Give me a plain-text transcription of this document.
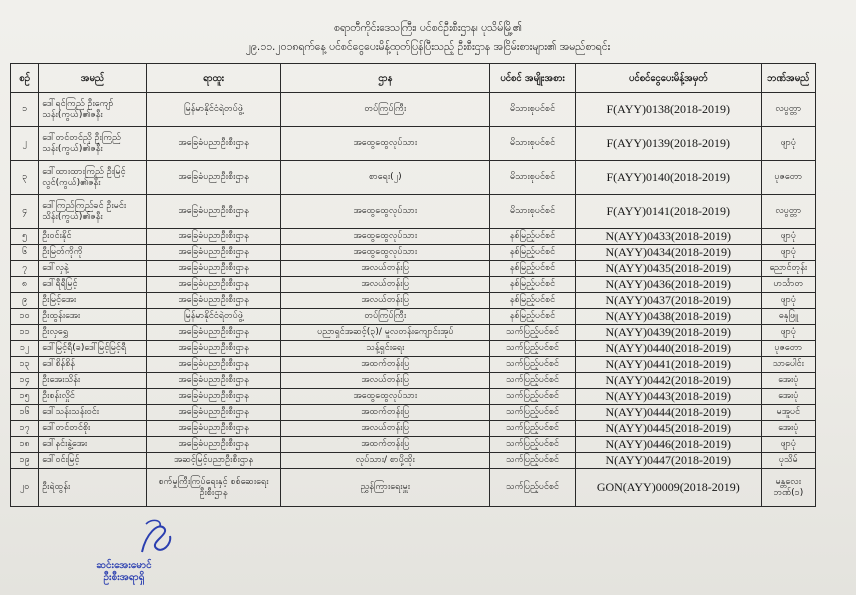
စရာတီကိုင်းဒေသကြီး၊ ပင်စင်ဦးစီးဌာန၊ ပုသိမ်မြို့၏
၂၉.၁၁.၂၀၁၈ရက်နေ့ ပင်စင်ငွေပေးမိန့်ထုတ်ပြန်ပြီးသည့် ဦးစီးဌာန အငြိမ်းစားများ၏ အမည်စာရင်း
စဉ်	အမည်	ရာထူး	ဌာန	ပင်စင် အမျိုးအစား	ပင်စင်ငွေပေးမိန့်အမှတ်	ဘဏ်အမည်
၁	ဒေါ်ရင်ကြည် ဦးကျော်သန်း(ကွယ်)၏ဇနီး	မြန်မာနိုင်ငံရဲတပ်ဖွဲ့	တပ်ကြပ်ကြီး	မိသားစုပင်စင်	F(AYY)0138(2018-2019)	လပွတ္တာ
၂	ဒေါ်တင်တင်ညို ဦးကြည်သန်း(ကွယ်)၏ဇနီး	အခြေခံပညာဦးစီးဌာန	အထွေထွေလုပ်သား	မိသားစုပင်စင်	F(AYY)0139(2018-2019)	ဖျာပုံ
၃	ဒေါ်ထားထားကြည် ဦးမြင့်လွင်(ကွယ်)၏ဇနီး	အခြေခံပညာဦးစီးဌာန	စာရေး(၂)	မိသားစုပင်စင်	F(AYY)0140(2018-2019)	ပုဇတော
၄	ဒေါ်ကြည်ကြည်ခင် ဦးမင်းသိန်း(ကွယ်)၏ဇနီး	အခြေခံပညာဦးစီးဌာန	အထွေထွေလုပ်သား	မိသားစုပင်စင်	F(AYY)0141(2018-2019)	လပွတ္တာ
၅	ဦးဝင်းနိုင်	အခြေခံပညာဦးစီးဌာန	အထွေထွေလုပ်သား	နစ်မြည့်ပင်စင်	N(AYY)0433(2018-2019)	ဖျာပုံ
၆	ဦးမြတ်ကိုကို	အခြေခံပညာဦးစီးဌာန	အထွေထွေလုပ်သား	နစ်မြည့်ပင်စင်	N(AYY)0434(2018-2019)	ဖျာပုံ
၇	ဒေါ်လှနဲ့	အခြေခံပညာဦးစီးဌာန	အလယ်တန်းပြ	နစ်မြည့်ပင်စင်	N(AYY)0435(2018-2019)	ညောင်တုန်း
၈	ဒေါ်ရီရီမြင့်	အခြေခံပညာဦးစီးဌာန	အလယ်တန်းပြ	နစ်မြည့်ပင်စင်	N(AYY)0436(2018-2019)	ဟင်္သာတ
၉	ဦးမြင့်အေး	အခြေခံပညာဦးစီးဌာန	အလယ်တန်းပြ	နစ်မြည့်ပင်စင်	N(AYY)0437(2018-2019)	ဖျာပုံ
၁၀	ဦးထွန်းအေး	မြန်မာနိုင်ငံရဲတပ်ဖွဲ့	တပ်ကြပ်ကြီး	နစ်မြည့်ပင်စင်	N(AYY)0438(2018-2019)	ဓနုဖြူ
၁၁	ဦးလှရွှေ	အခြေခံပညာဦးစီးဌာန	ပညာရှင်အဆင့်(၃)/ မူလတန်းကျောင်းအုပ်	သက်ပြည့်ပင်စင်	N(AYY)0439(2018-2019)	ဖျာပုံ
၁၂	ဒေါ်မြင့်ရီ(ခ)ဒေါ်မြင့်မြင့်ရီ	အခြေခံပညာဦးစီးဌာန	သန့်ရှင်းရေး	သက်ပြည့်ပင်စင်	N(AYY)0440(2018-2019)	ပုဇတော
၁၃	ဒေါ်စိန်စိန်	အခြေခံပညာဦးစီးဌာန	အထက်တန်းပြ	သက်ပြည့်ပင်စင်	N(AYY)0441(2018-2019)	သာပေါင်း
၁၄	ဦးအေးသိန်း	အခြေခံပညာဦးစီးဌာန	အလယ်တန်းပြ	သက်ပြည့်ပင်စင်	N(AYY)0442(2018-2019)	အေးပုံ
၁၅	ဦးစန်းလှိုင်	အခြေခံပညာဦးစီးဌာန	အထွေထွေလုပ်သား	သက်ပြည့်ပင်စင်	N(AYY)0443(2018-2019)	အေးပုံ
၁၆	ဒေါ်သန်းသန်းဝင်း	အခြေခံပညာဦးစီးဌာန	အထက်တန်းပြ	သက်ပြည့်ပင်စင်	N(AYY)0444(2018-2019)	မအူပင်
၁၇	ဒေါ်တင်တင်စိုး	အခြေခံပညာဦးစီးဌာန	အလယ်တန်းပြ	သက်ပြည့်ပင်စင်	N(AYY)0445(2018-2019)	အေးပုံ
၁၈	ဒေါ်နင်းနွဲ့အေး	အခြေခံပညာဦးစီးဌာန	အထက်တန်းပြ	သက်ပြည့်ပင်စင်	N(AYY)0446(2018-2019)	ဖျာပုံ
၁၉	ဒေါ်ဝင်းမြင့်	အဆင့်မြင့်ပညာဦးစီးဌာန	လုပ်သား/ စာပို့ထိုး	သက်ပြည့်ပင်စင်	N(AYY)0447(2018-2019)	ပုသိမ်
၂၀	ဦးရဲထွန်း	စက်မှုကြီးကြပ်ရေးနှင့် စစ်ဆေးရေးဦးစီးဌာန	ညွှန်ကြားရေးမှူး	သက်ပြည့်ပင်စင်	GON(AYY)0009(2018-2019)	မန္တလေး ဘဏ်(၁)
ဆင်းအေးမောင်
ဦးစီးအရာရှိ
